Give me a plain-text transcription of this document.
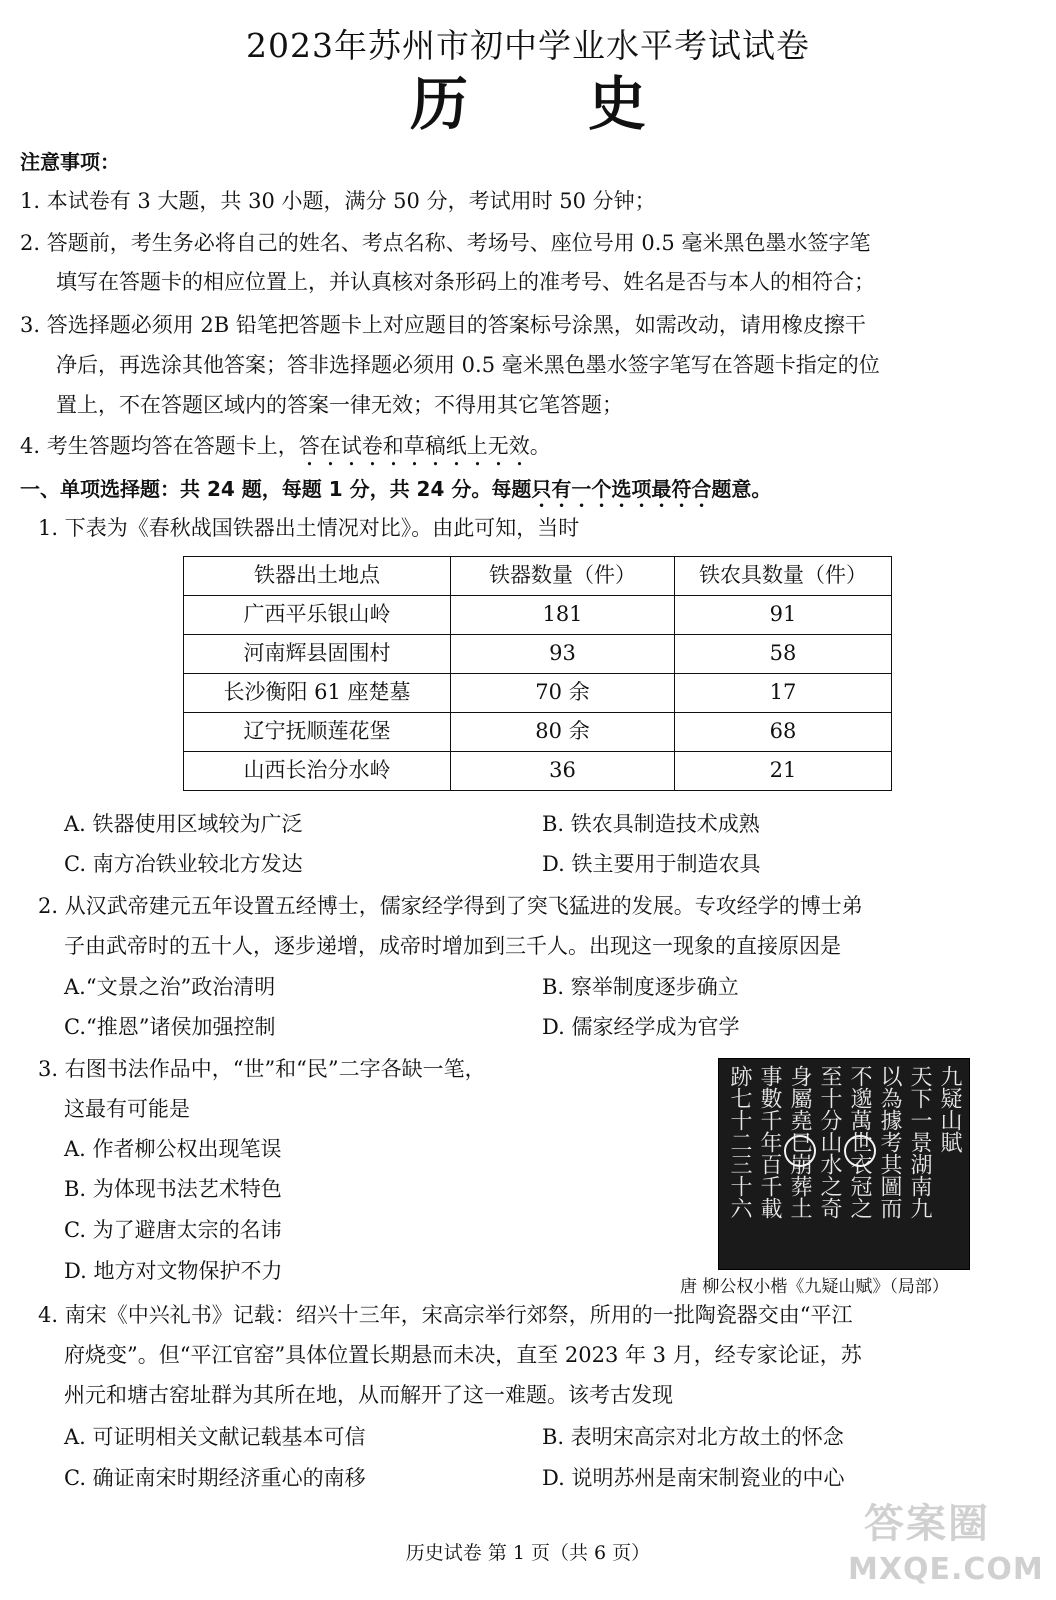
2023年苏州市初中学业水平考试试卷
历 史
注意事项：
1. 本试卷有 3 大题，共 30 小题，满分 50 分，考试用时 50 分钟；
2. 答题前，考生务必将自己的姓名、考点名称、考场号、座位号用 0.5 毫米黑色墨水签字笔
填写在答题卡的相应位置上，并认真核对条形码上的准考号、姓名是否与本人的相符合；
3. 答选择题必须用 2B 铅笔把答题卡上对应题目的答案标号涂黑，如需改动，请用橡皮擦干
净后，再选涂其他答案；答非选择题必须用 0.5 毫米黑色墨水签字笔写在答题卡指定的位
置上，不在答题区域内的答案一律无效；不得用其它笔答题；
4. 考生答题均答在答题卡上，答在试卷和草稿纸上无效。
一、单项选择题：共 24 题，每题 1 分，共 24 分。每题只有一个选项最符合题意。
1. 下表为《春秋战国铁器出土情况对比》。由此可知，当时
铁器出土地点	铁器数量（件）	铁农具数量（件）
广西平乐银山岭	181	91
河南辉县固围村	93	58
长沙衡阳 61 座楚墓	70 余	17
辽宁抚顺莲花堡	80 余	68
山西长治分水岭	36	21
A. 铁器使用区域较为广泛	B. 铁农具制造技术成熟
C. 南方冶铁业较北方发达	D. 铁主要用于制造农具
2. 从汉武帝建元五年设置五经博士，儒家经学得到了突飞猛进的发展。专攻经学的博士弟
子由武帝时的五十人，逐步递增，成帝时增加到三千人。出现这一现象的直接原因是
A.“文景之治”政治清明	B. 察举制度逐步确立
C.“推恩”诸侯加强控制	D. 儒家经学成为官学
3. 右图书法作品中，“世”和“民”二字各缺一笔，
这最有可能是
A. 作者柳公权出现笔误
B. 为体现书法艺术特色
C. 为了避唐太宗的名讳
D. 地方对文物保护不力
九疑山賦
天下一景湖南九
以為據考其圖而
不邈萬世衣冠之
至十分山水之奇
身屬堯巳崩葬土
事數千年百千載
跡七十二三十六
唐 柳公权小楷《九疑山赋》（局部）
4. 南宋《中兴礼书》记载：绍兴十三年，宋高宗举行郊祭，所用的一批陶瓷器交由“平江
府烧变”。但“平江官窑”具体位置长期悬而未决，直至 2023 年 3 月，经专家论证，苏
州元和塘古窑址群为其所在地，从而解开了这一难题。该考古发现
A. 可证明相关文献记载基本可信	B. 表明宋高宗对北方故土的怀念
C. 确证南宋时期经济重心的南移	D. 说明苏州是南宋制瓷业的中心
历史试卷 第 1 页（共 6 页）
答案圈
MXQE.COM
